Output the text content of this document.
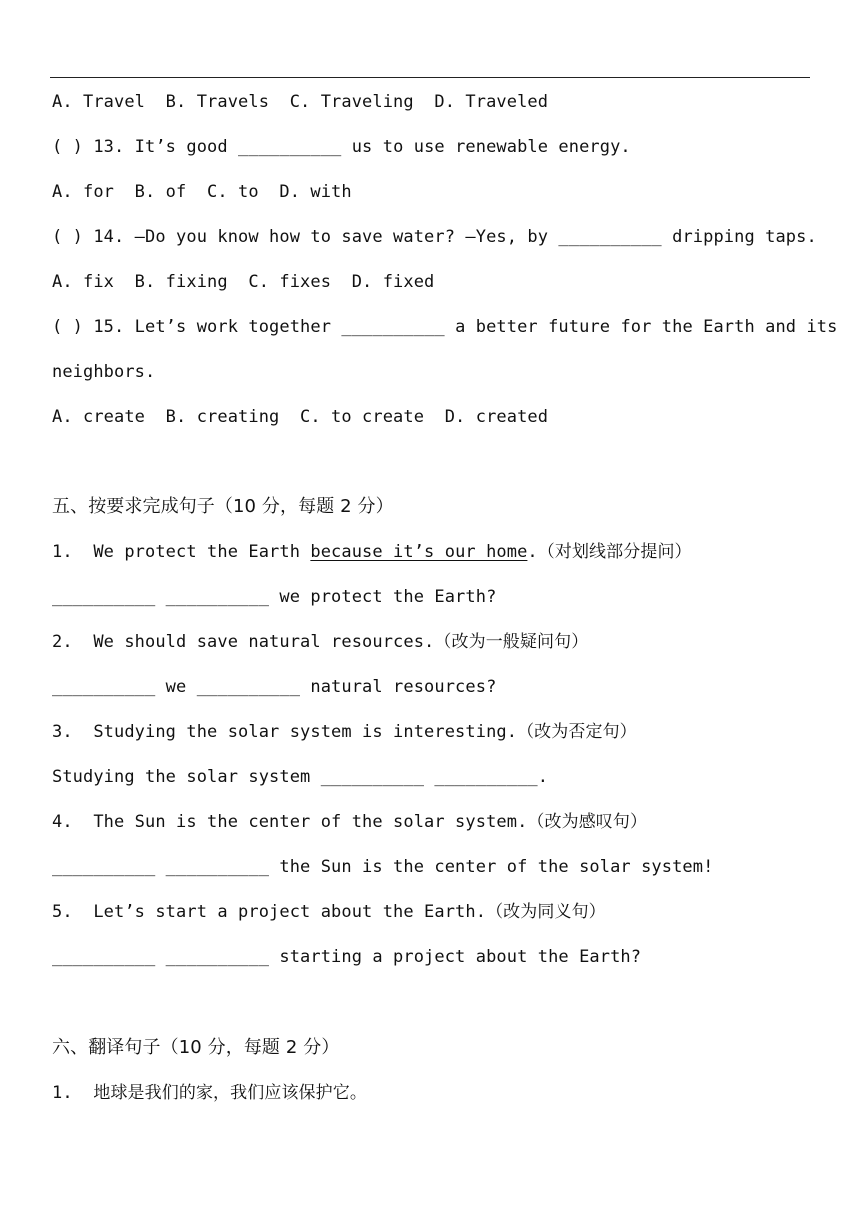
A. Travel  B. Travels  C. Traveling  D. Traveled
( ) 13. It’s good __________ us to use renewable energy.
A. for  B. of  C. to  D. with
( ) 14. —Do you know how to save water? —Yes, by __________ dripping taps.
A. fix  B. fixing  C. fixes  D. fixed
( ) 15. Let’s work together __________ a better future for the Earth and its
neighbors.
A. create  B. creating  C. to create  D. created
五、按要求完成句子（10 分，每题 2 分）
1.  We protect the Earth because it’s our home.（对划线部分提问）
__________ __________ we protect the Earth?
2.  We should save natural resources.（改为一般疑问句）
__________ we __________ natural resources?
3.  Studying the solar system is interesting.（改为否定句）
Studying the solar system __________ __________.
4.  The Sun is the center of the solar system.（改为感叹句）
__________ __________ the Sun is the center of the solar system!
5.  Let’s start a project about the Earth.（改为同义句）
__________ __________ starting a project about the Earth?
六、翻译句子（10 分，每题 2 分）
1.  地球是我们的家，我们应该保护它。
